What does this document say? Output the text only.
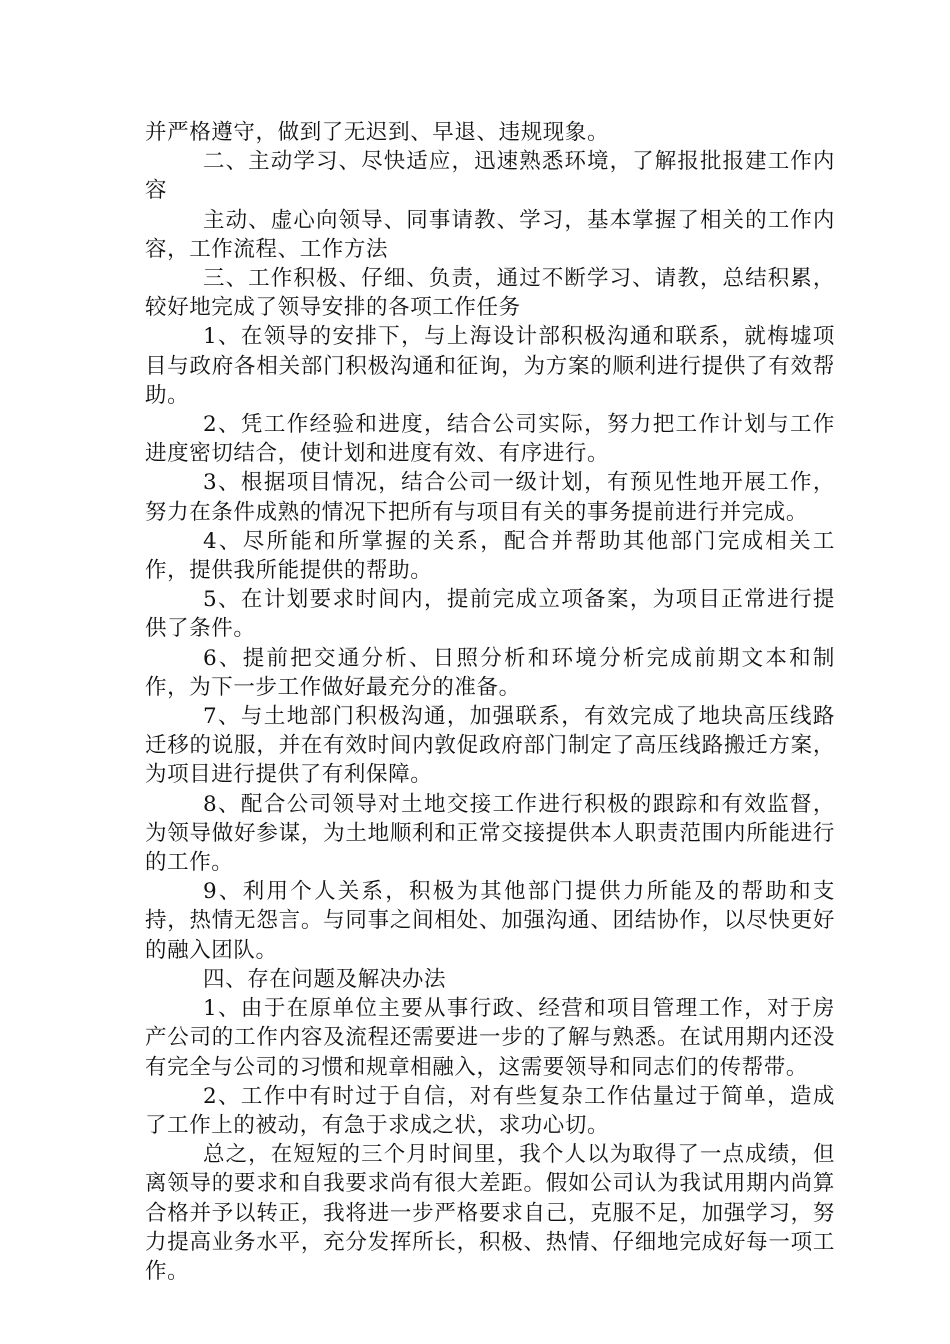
并严格遵守，做到了无迟到、早退、违规现象。

二、主动学习、尽快适应，迅速熟悉环境，了解报批报建工作内容

主动、虚心向领导、同事请教、学习，基本掌握了相关的工作内容，工作流程、工作方法

三、工作积极、仔细、负责，通过不断学习、请教，总结积累，较好地完成了领导安排的各项工作任务

1、在领导的安排下，与上海设计部积极沟通和联系，就梅墟项目与政府各相关部门积极沟通和征询，为方案的顺利进行提供了有效帮助。

2、凭工作经验和进度，结合公司实际，努力把工作计划与工作进度密切结合，使计划和进度有效、有序进行。

3、根据项目情况，结合公司一级计划，有预见性地开展工作，努力在条件成熟的情况下把所有与项目有关的事务提前进行并完成。

4、尽所能和所掌握的关系，配合并帮助其他部门完成相关工作，提供我所能提供的帮助。

5、在计划要求时间内，提前完成立项备案，为项目正常进行提供了条件。

6、提前把交通分析、日照分析和环境分析完成前期文本和制作，为下一步工作做好最充分的准备。

7、与土地部门积极沟通，加强联系，有效完成了地块高压线路迁移的说服，并在有效时间内敦促政府部门制定了高压线路搬迁方案，为项目进行提供了有利保障。

8、配合公司领导对土地交接工作进行积极的跟踪和有效监督，为领导做好参谋，为土地顺利和正常交接提供本人职责范围内所能进行的工作。

9、利用个人关系，积极为其他部门提供力所能及的帮助和支持，热情无怨言。与同事之间相处、加强沟通、团结协作，以尽快更好的融入团队。

四、存在问题及解决办法

1、由于在原单位主要从事行政、经营和项目管理工作，对于房产公司的工作内容及流程还需要进一步的了解与熟悉。在试用期内还没有完全与公司的习惯和规章相融入，这需要领导和同志们的传帮带。

2、工作中有时过于自信，对有些复杂工作估量过于简单，造成了工作上的被动，有急于求成之状，求功心切。

总之，在短短的三个月时间里，我个人以为取得了一点成绩，但离领导的要求和自我要求尚有很大差距。假如公司认为我试用期内尚算合格并予以转正，我将进一步严格要求自己，克服不足，加强学习，努力提高业务水平，充分发挥所长，积极、热情、仔细地完成好每一项工作。
